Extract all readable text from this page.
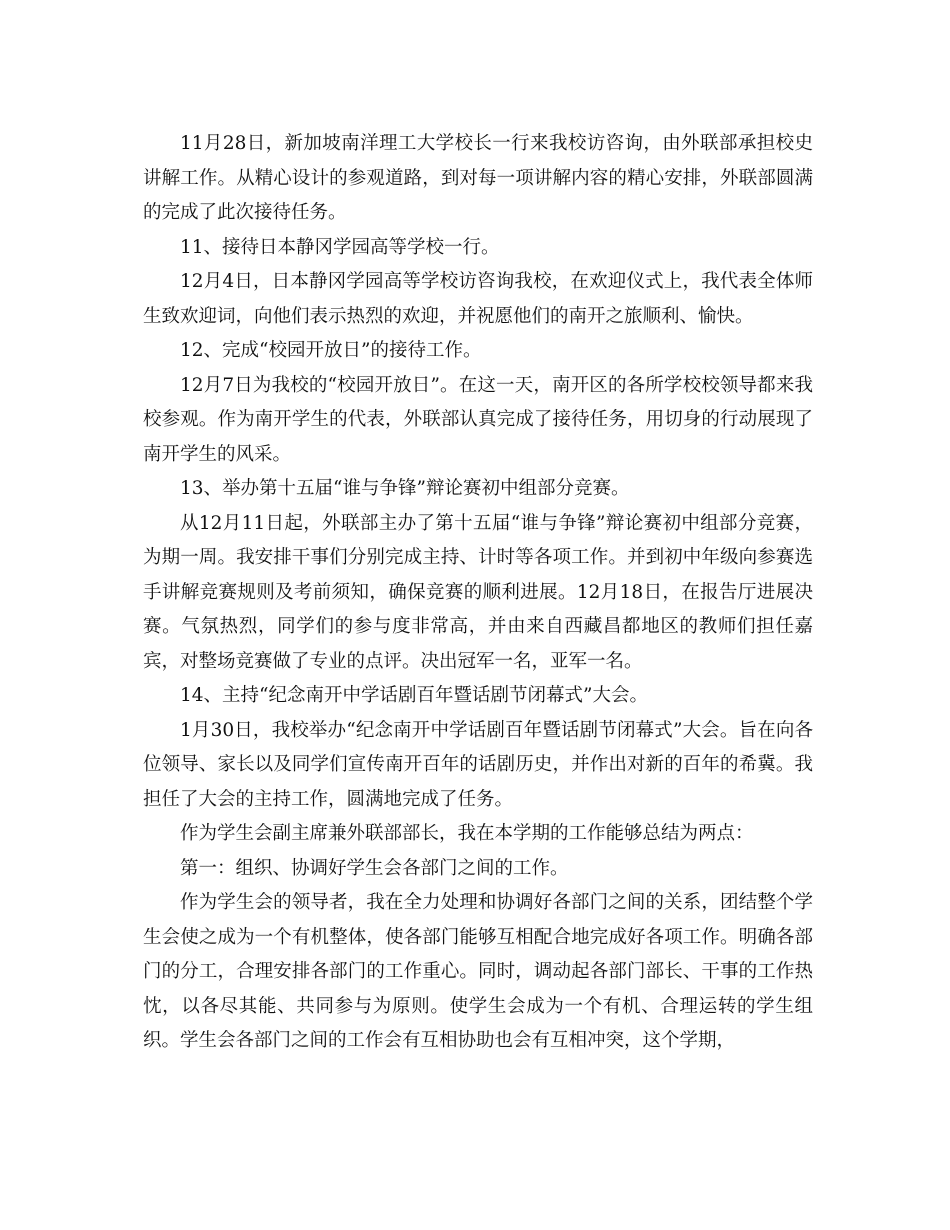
11月28日，新加坡南洋理工大学校长一行来我校访咨询，由外联部承担校史讲解工作。从精心设计的参观道路，到对每一项讲解内容的精心安排，外联部圆满的完成了此次接待任务。

11、接待日本静冈学园高等学校一行。

12月4日，日本静冈学园高等学校访咨询我校，在欢迎仪式上，我代表全体师生致欢迎词，向他们表示热烈的欢迎，并祝愿他们的南开之旅顺利、愉快。

12、完成“校园开放日”的接待工作。

12月7日为我校的“校园开放日”。在这一天，南开区的各所学校校领导都来我校参观。作为南开学生的代表，外联部认真完成了接待任务，用切身的行动展现了南开学生的风采。

13、举办第十五届“谁与争锋”辩论赛初中组部分竞赛。

从12月11日起，外联部主办了第十五届“谁与争锋”辩论赛初中组部分竞赛，为期一周。我安排干事们分别完成主持、计时等各项工作。并到初中年级向参赛选手讲解竞赛规则及考前须知，确保竞赛的顺利进展。12月18日，在报告厅进展决赛。气氛热烈，同学们的参与度非常高，并由来自西藏昌都地区的教师们担任嘉宾，对整场竞赛做了专业的点评。决出冠军一名，亚军一名。

14、主持“纪念南开中学话剧百年暨话剧节闭幕式”大会。

1月30日，我校举办“纪念南开中学话剧百年暨话剧节闭幕式”大会。旨在向各位领导、家长以及同学们宣传南开百年的话剧历史，并作出对新的百年的希冀。我担任了大会的主持工作，圆满地完成了任务。

作为学生会副主席兼外联部部长，我在本学期的工作能够总结为两点：

第一：组织、协调好学生会各部门之间的工作。

作为学生会的领导者，我在全力处理和协调好各部门之间的关系，团结整个学生会使之成为一个有机整体，使各部门能够互相配合地完成好各项工作。明确各部门的分工，合理安排各部门的工作重心。同时，调动起各部门部长、干事的工作热忱，以各尽其能、共同参与为原则。使学生会成为一个有机、合理运转的学生组织。学生会各部门之间的工作会有互相协助也会有互相冲突，这个学期，
